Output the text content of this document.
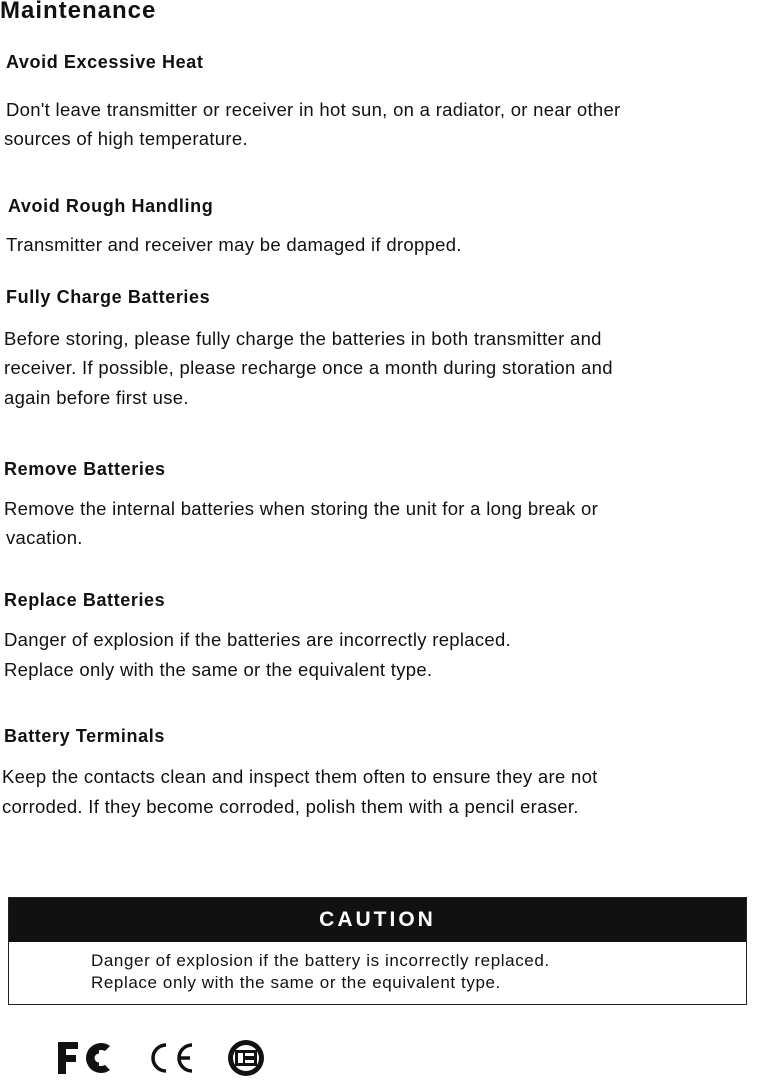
Maintenance
Avoid Excessive Heat
Don't leave transmitter or receiver in hot sun, on a radiator, or near other
sources of high temperature.
Avoid Rough Handling
Transmitter and receiver may be damaged if dropped.
Fully Charge Batteries
Before storing, please fully charge the batteries in both transmitter and
receiver. If possible, please recharge once a month during storation and
again before first use.
Remove Batteries
Remove the internal batteries when storing the unit for a long break or
vacation.
Replace Batteries
Danger of explosion if the batteries are incorrectly replaced.
Replace only with the same or the equivalent type.
Battery Terminals
Keep the contacts clean and inspect them often to ensure they are not
corroded. If they become corroded, polish them with a pencil eraser.
CAUTION
Danger of explosion if the battery is incorrectly replaced.
Replace only with the same or the equivalent type.
